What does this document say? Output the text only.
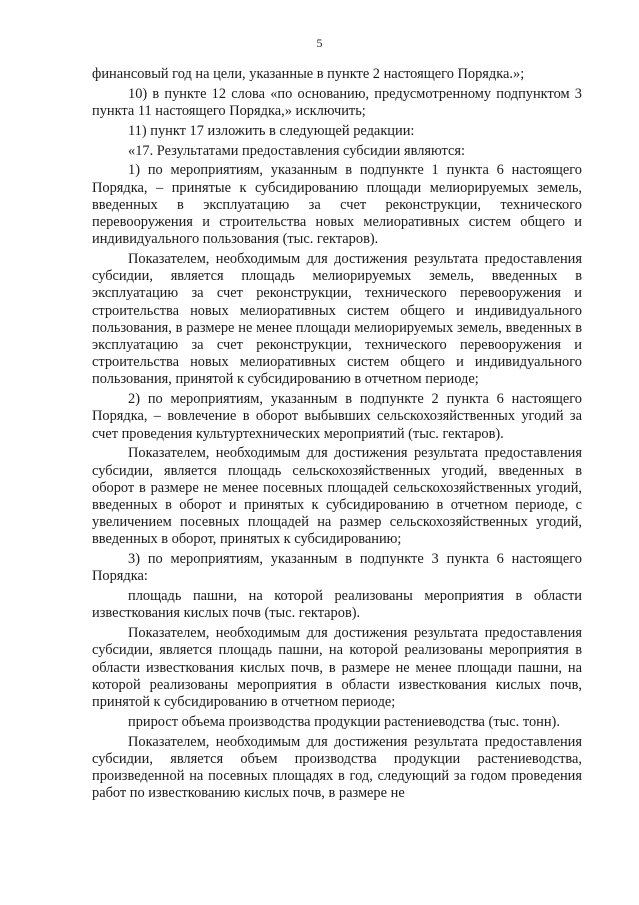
5

финансовый год на цели, указанные в пункте 2 настоящего Порядка.»;

10) в пункте 12 слова «по основанию, предусмотренному подпунктом 3 пункта 11 настоящего Порядка,» исключить;

11) пункт 17 изложить в следующей редакции:

«17. Результатами предоставления субсидии являются:

1) по мероприятиям, указанным в подпункте 1 пункта 6 настоящего Порядка, – принятые к субсидированию площади мелиорируемых земель, введенных в эксплуатацию за счет реконструкции, технического перевооружения и строительства новых мелиоративных систем общего и индивидуального пользования (тыс. гектаров).

Показателем, необходимым для достижения результата предоставления субсидии, является площадь мелиорируемых земель, введенных в эксплуатацию за счет реконструкции, технического перевооружения и строительства новых мелиоративных систем общего и индивидуального пользования, в размере не менее площади мелиорируемых земель, введенных в эксплуатацию за счет реконструкции, технического перевооружения и строительства новых мелиоративных систем общего и индивидуального пользования, принятой к субсидированию в отчетном периоде;

2) по мероприятиям, указанным в подпункте 2 пункта 6 настоящего Порядка, – вовлечение в оборот выбывших сельскохозяйственных угодий за счет проведения культуртехнических мероприятий (тыс. гектаров).

Показателем, необходимым для достижения результата предоставления субсидии, является площадь сельскохозяйственных угодий, введенных в оборот в размере не менее посевных площадей сельскохозяйственных угодий, введенных в оборот и принятых к субсидированию в отчетном периоде, с увеличением посевных площадей на размер сельскохозяйственных угодий, введенных в оборот, принятых к субсидированию;

3) по мероприятиям, указанным в подпункте 3 пункта 6 настоящего Порядка:

площадь пашни, на которой реализованы мероприятия в области известкования кислых почв (тыс. гектаров).

Показателем, необходимым для достижения результата предоставления субсидии, является площадь пашни, на которой реализованы мероприятия в области известкования кислых почв, в размере не менее площади пашни, на которой реализованы мероприятия в области известкования кислых почв, принятой к субсидированию в отчетном периоде;

прирост объема производства продукции растениеводства (тыс. тонн).

Показателем, необходимым для достижения результата предоставления субсидии, является объем производства продукции растениеводства, произведенной на посевных площадях в год, следующий за годом проведения работ по известкованию кислых почв, в размере не
